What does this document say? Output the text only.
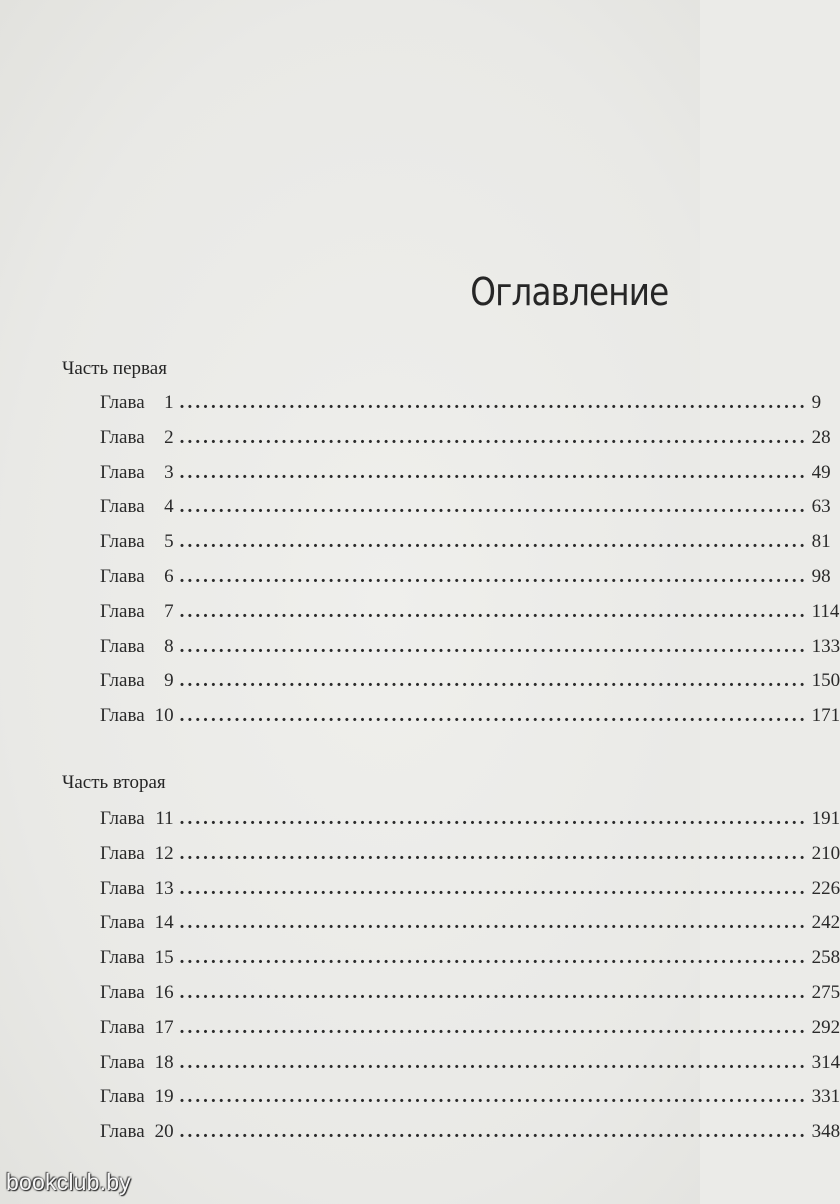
Оглавление
Часть первая
Глава 1 ................................................................................ 9
Глава 2 ................................................................................ 28
Глава 3 ................................................................................ 49
Глава 4 ................................................................................ 63
Глава 5 ................................................................................ 81
Глава 6 ................................................................................ 98
Глава 7 ................................................................................ 114
Глава 8 ................................................................................ 133
Глава 9 ................................................................................ 150
Глава 10 ................................................................................ 171
Часть вторая
Глава 11 ................................................................................ 191
Глава 12 ................................................................................ 210
Глава 13 ................................................................................ 226
Глава 14 ................................................................................ 242
Глава 15 ................................................................................ 258
Глава 16 ................................................................................ 275
Глава 17 ................................................................................ 292
Глава 18 ................................................................................ 314
Глава 19 ................................................................................ 331
Глава 20 ................................................................................ 348
bookclub.by
